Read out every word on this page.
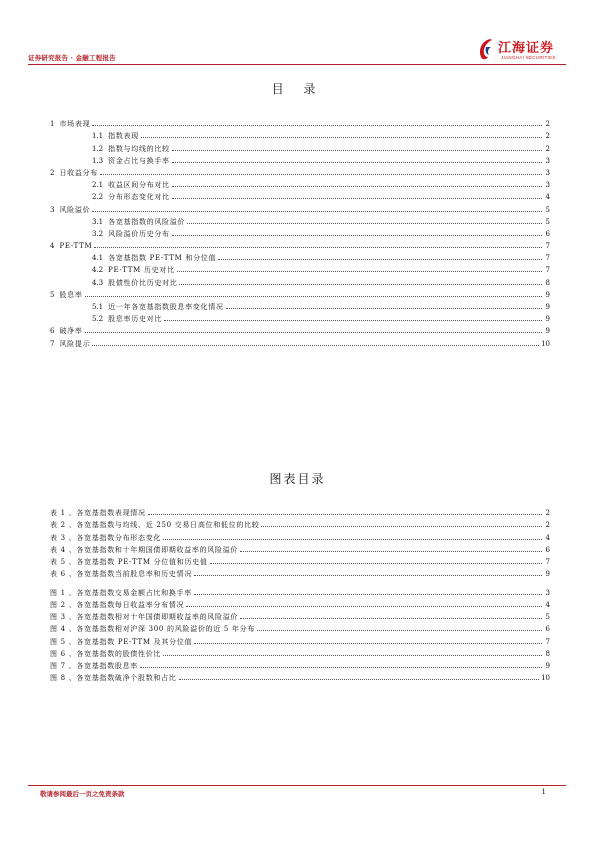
证券研究报告 · 金融工程报告
江海证券
JIANGHAI SECURITIES
目 录
1 市场表现	2
1.1 指数表现	2
1.2 指数与均线的比较	2
1.3 资金占比与换手率	3
2 日收益分布	3
2.1 收益区间分布对比	3
2.2 分布形态变化对比	4
3 风险溢价	5
3.1 各宽基指数的风险溢价	5
3.2 风险溢价历史分布	6
4 PE-TTM	7
4.1 各宽基指数 PE-TTM 和分位值	7
4.2 PE-TTM 历史对比	7
4.3 股债性价比历史对比	8
5 股息率	9
5.1 近一年各宽基指数股息率变化情况	9
5.2 股息率历史对比	9
6 破净率	9
7 风险提示	10
图表目录
表 1 、各宽基指数表现情况	2
表 2 、各宽基指数与均线、近 250 交易日高位和低位的比较	2
表 3 、各宽基指数分布形态变化	4
表 4 、各宽基指数和十年期国债即期收益率的风险溢价	6
表 5 、各宽基指数 PE-TTM 分位值和历史值	7
表 6 、各宽基指数当前股息率和历史情况	9
图 1 、各宽基指数交易金额占比和换手率	3
图 2 、各宽基指数每日收益率分布情况	4
图 3 、各宽基指数相对十年国债即期收益率的风险溢价	5
图 4 、各宽基指数相对沪深 300 的风险溢价的近 5 年分布	6
图 5 、各宽基指数 PE-TTM 及其分位值	7
图 6 、各宽基指数的股债性价比	8
图 7 、各宽基指数股息率	9
图 8 、各宽基指数破净个股数和占比	10
敬请参阅最后一页之免责条款	1
